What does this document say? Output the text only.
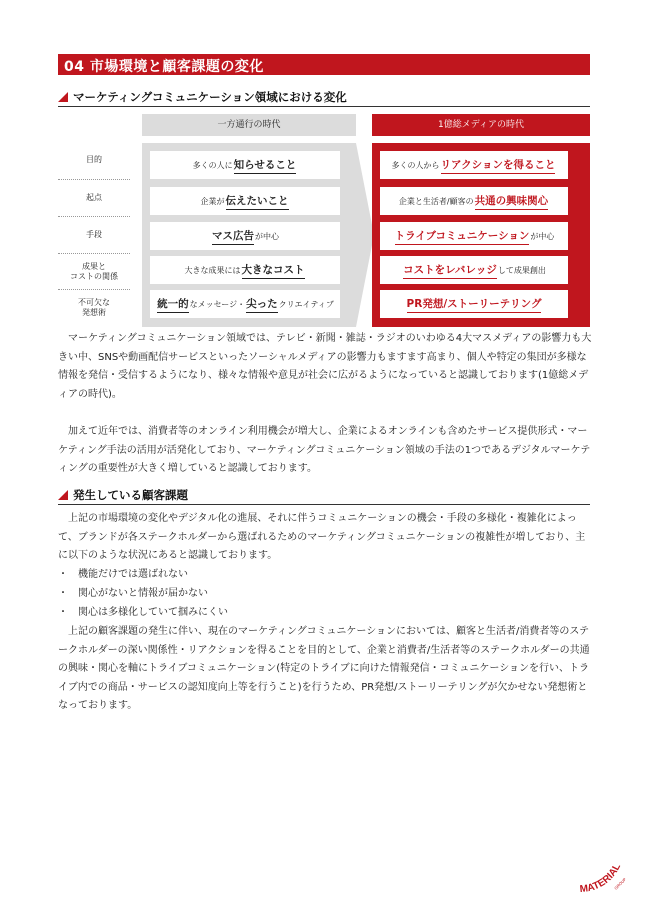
04 市場環境と顧客課題の変化
マーケティングコミュニケーション領域における変化
一方通行の時代	1億総メディアの時代
目的
起点
手段
成果と
コストの関係
不可欠な
発想術
多くの人に 知らせること
企業が 伝えたいこと
マス広告 が中心
大きな成果には 大きなコスト
統一的 なメッセージ・ 尖った クリエイティブ
多くの人から リアクションを得ること
企業と生活者/顧客の 共通の興味関心
トライブコミュニケーション が中心
コストをレバレッジ して成果創出
PR発想/ストーリーテリング

マーケティングコミュニケーション領域では、テレビ・新聞・雑誌・ラジオのいわゆる4大マスメディアの影響力も大きい中、SNSや動画配信サービスといったソーシャルメディアの影響力もますます高まり、個人や特定の集団が多様な情報を発信・受信するようになり、様々な情報や意見が社会に広がるようになっていると認識しております(1億総メディアの時代)。

加えて近年では、消費者等のオンライン利用機会が増大し、企業によるオンラインも含めたサービス提供形式・マーケティング手法の活用が活発化しており、マーケティングコミュニケーション領域の手法の1つであるデジタルマーケティングの重要性が大きく増していると認識しております。

発生している顧客課題

上記の市場環境の変化やデジタル化の進展、それに伴うコミュニケーションの機会・手段の多様化・複雑化によって、ブランドが各ステークホルダーから選ばれるためのマーケティングコミュニケーションの複雑性が増しており、主に以下のような状況にあると認識しております。

・ 機能だけでは選ばれない
・ 関心がないと情報が届かない
・ 関心は多様化していて掴みにくい

上記の顧客課題の発生に伴い、現在のマーケティングコミュニケーションにおいては、顧客と生活者/消費者等のステークホルダーの深い関係性・リアクションを得ることを目的として、企業と消費者/生活者等のステークホルダーの共通の興味・関心を軸にトライブコミュニケーション(特定のトライブに向けた情報発信・コミュニケーションを行い、トライブ内での商品・サービスの認知度向上等を行うこと)を行うため、PR発想/ストーリーテリングが欠かせない発想術となっております。

MATERIAL
GROUP
